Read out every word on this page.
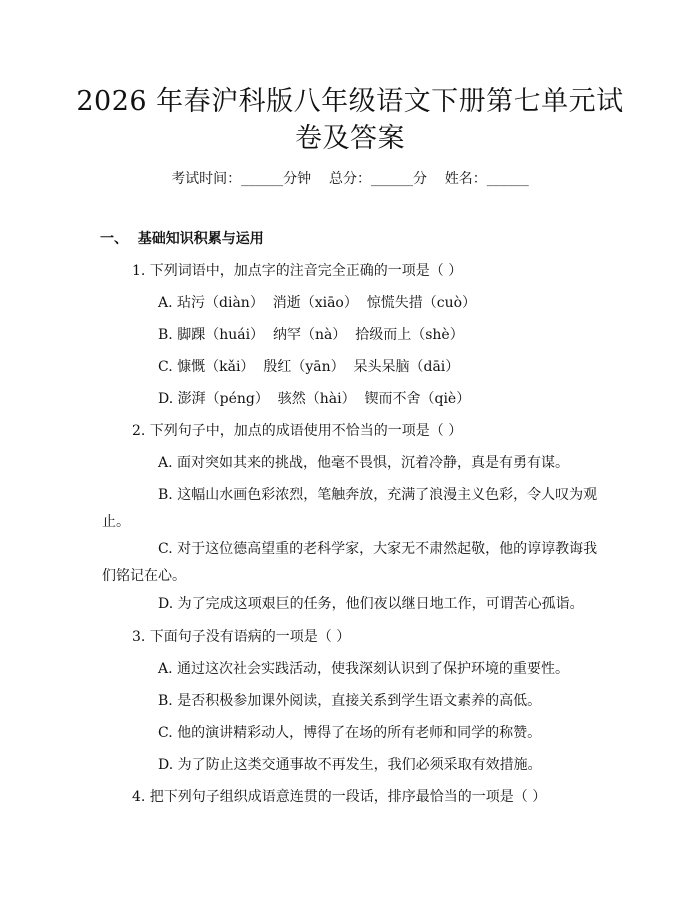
2026 年春沪科版八年级语文下册第七单元试
卷及答案
考试时间：______分钟    总分：______分    姓名：______
一、  基础知识积累与运用
1. 下列词语中，加点字的注音完全正确的一项是（ ）
A. 玷污（diàn）  消逝（xiāo）  惊慌失措（cuò）
B. 脚踝（huái）  纳罕（nà）  拾级而上（shè）
C. 慷慨（kǎi）  殷红（yān）  呆头呆脑（dāi）
D. 澎湃（péng）  骇然（hài）  锲而不舍（qiè）
2. 下列句子中，加点的成语使用不恰当的一项是（ ）
A. 面对突如其来的挑战，他毫不畏惧，沉着冷静，真是有勇有谋。
B. 这幅山水画色彩浓烈，笔触奔放，充满了浪漫主义色彩，令人叹为观止。
C. 对于这位德高望重的老科学家，大家无不肃然起敬，他的谆谆教诲我们铭记在心。
D. 为了完成这项艰巨的任务，他们夜以继日地工作，可谓苦心孤诣。
3. 下面句子没有语病的一项是（ ）
A. 通过这次社会实践活动，使我深刻认识到了保护环境的重要性。
B. 是否积极参加课外阅读，直接关系到学生语文素养的高低。
C. 他的演讲精彩动人，博得了在场的所有老师和同学的称赞。
D. 为了防止这类交通事故不再发生，我们必须采取有效措施。
4. 把下列句子组织成语意连贯的一段话，排序最恰当的一项是（ ）
